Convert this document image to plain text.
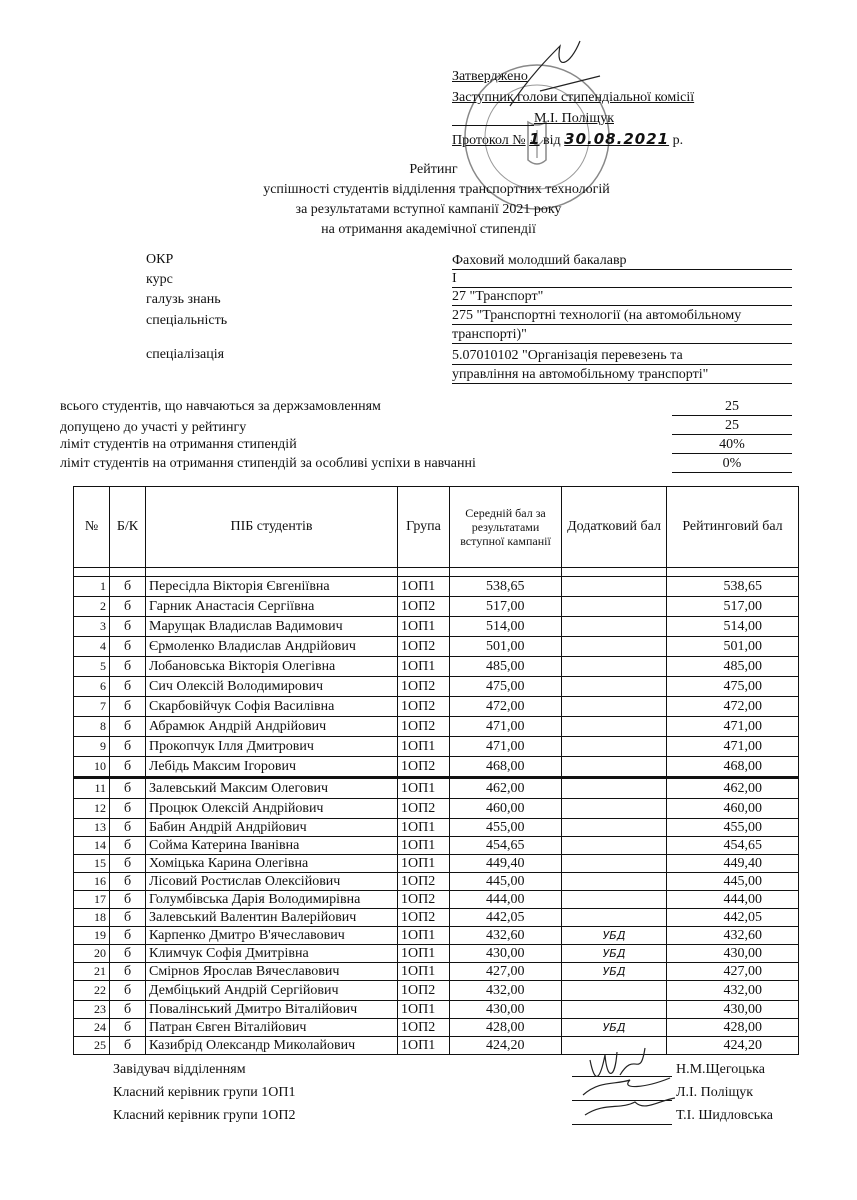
Затверджено
Заступник голови стипендіальної комісії
М.І. Поліщук
Протокол № 1 від 30.08.2021 р.
Рейтинг
успішності студентів відділення транспортних технологій
за результатами вступної кампанії 2021 року
на отримання академічної стипендії
ОКР	Фаховий молодший бакалавр
курс	І
галузь знань	27 "Транспорт"
спеціальність	275 "Транспортні технології (на автомобільному
транспорті)"
спеціалізація	5.07010102 "Організація перевезень та
управління на автомобільному транспорті"
всього студентів, що навчаються за держзамовленням	25
допущено до участі у рейтингу	25
ліміт студентів на отримання стипендій	40%
ліміт студентів на отримання стипендій за особливі успіхи в навчанні	0%
№	Б/К	ПІБ студентів	Група	Середній бал за результатами вступної кампанії	Додатковий бал	Рейтинговий бал

1	б	Пересідла Вікторія Євгеніївна	1ОП1	538,65		538,65
2	б	Гарник Анастасія Сергіївна	1ОП2	517,00		517,00
3	б	Марущак Владислав Вадимович	1ОП1	514,00		514,00
4	б	Єрмоленко Владислав Андрійович	1ОП2	501,00		501,00
5	б	Лобановська Вікторія Олегівна	1ОП1	485,00		485,00
6	б	Сич Олексій Володимирович	1ОП2	475,00		475,00
7	б	Скарбовійчук Софія Василівна	1ОП2	472,00		472,00
8	б	Абрамюк Андрій Андрійович	1ОП2	471,00		471,00
9	б	Прокопчук Ілля Дмитрович	1ОП1	471,00		471,00
10	б	Лебідь Максим Ігорович	1ОП2	468,00		468,00
11	б	Залевський Максим Олегович	1ОП1	462,00		462,00
12	б	Процюк Олексій Андрійович	1ОП2	460,00		460,00
13	б	Бабин Андрій Андрійович	1ОП1	455,00		455,00
14	б	Сойма Катерина Іванівна	1ОП1	454,65		454,65
15	б	Хоміцька Карина Олегівна	1ОП1	449,40		449,40
16	б	Лісовий Ростислав Олексійович	1ОП2	445,00		445,00
17	б	Голумбівська Дарія Володимирівна	1ОП2	444,00		444,00
18	б	Залевський Валентин Валерійович	1ОП2	442,05		442,05
19	б	Карпенко Дмитро В'ячеславович	1ОП1	432,60	УБД	432,60
20	б	Климчук Софія Дмитрівна	1ОП1	430,00	УБД	430,00
21	б	Смірнов Ярослав Вячеславович	1ОП1	427,00	УБД	427,00
22	б	Дембіцький Андрій Сергійович	1ОП2	432,00		432,00
23	б	Повалінський Дмитро Віталійович	1ОП1	430,00		430,00
24	б	Патран Євген Віталійович	1ОП2	428,00	УБД	428,00
25	б	Казибрід Олександр Миколайович	1ОП1	424,20		424,20
Завідувач відділенням
Класний керівник групи 1ОП1
Класний керівник групи 1ОП2
Н.М.Щегоцька
Л.І. Поліщук
Т.І. Шидловська
